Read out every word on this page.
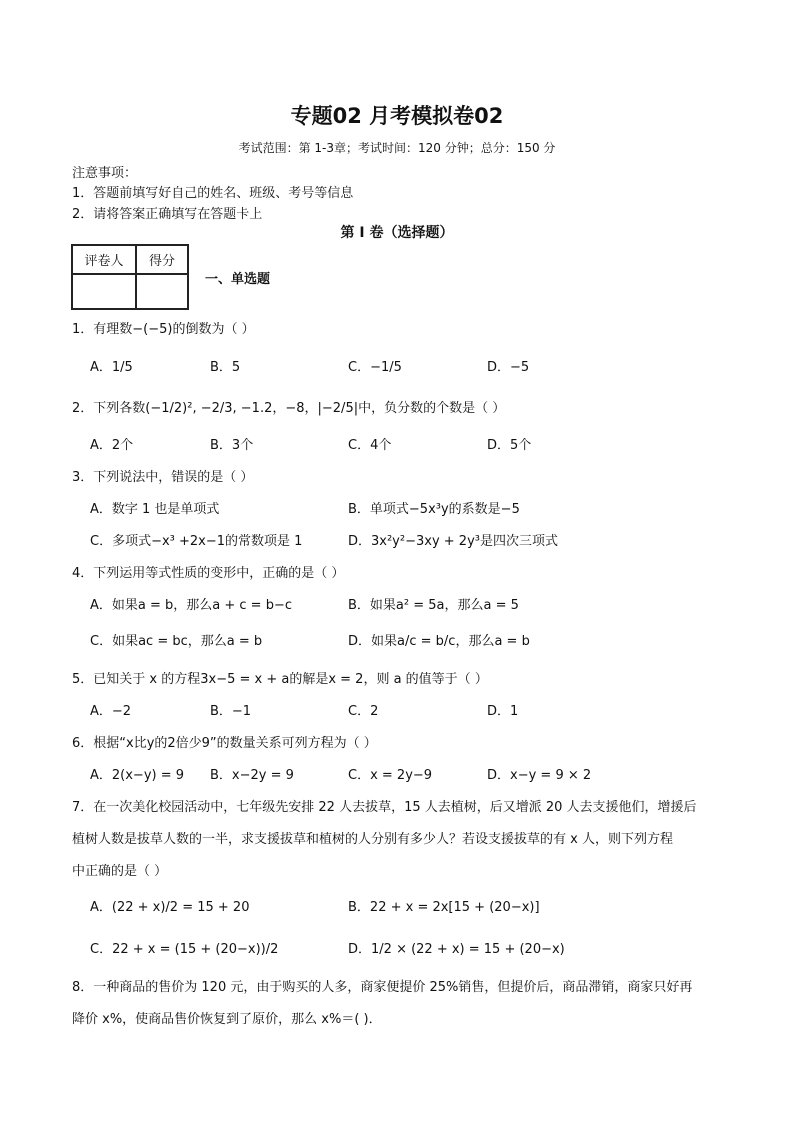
专题02 月考模拟卷02
考试范围：第 1-3章；考试时间：120 分钟；总分：150 分
注意事项：
1．答题前填写好自己的姓名、班级、考号等信息
2．请将答案正确填写在答题卡上
第 I 卷（选择题）
评卷人	得分

一、单选题
1．有理数−(−5)的倒数为（ ）
A．1/5	B．5	C．−1/5	D．−5
2．下列各数(−1/2)², −2/3, −1.2，−8，|−2/5|中，负分数的个数是（ ）
A．2个	B．3个	C．4个	D．5个
3．下列说法中，错误的是（ ）
A．数字 1 也是单项式	B．单项式−5x³y的系数是−5
C．多项式−x³ +2x−1的常数项是 1	D．3x²y²−3xy + 2y³是四次三项式
4．下列运用等式性质的变形中，正确的是（ ）
A．如果a = b，那么a + c = b−c	B．如果a² = 5a，那么a = 5
C．如果ac = bc，那么a = b	D．如果a/c = b/c，那么a = b
5．已知关于 x 的方程3x−5 = x + a的解是x = 2，则 a 的值等于（ ）
A．−2	B．−1	C．2	D．1
6．根据“x比y的2倍少9”的数量关系可列方程为（ ）
A．2(x−y) = 9 B．x−2y = 9	C．x = 2y−9	D．x−y = 9 × 2
7．在一次美化校园活动中，七年级先安排 22 人去拔草，15 人去植树，后又增派 20 人去支援他们，增援后
植树人数是拔草人数的一半，求支援拔草和植树的人分别有多少人？若设支援拔草的有 x 人，则下列方程
中正确的是（ ）
A．(22 + x)/2 = 15 + 20	B．22 + x = 2x[15 + (20−x)]
C．22 + x = (15 + (20−x))/2	D．1/2 × (22 + x) = 15 + (20−x)
8．一种商品的售价为 120 元，由于购买的人多，商家便提价 25%销售，但提价后，商品滞销，商家只好再
降价 x%，使商品售价恢复到了原价，那么 x%＝( )．
